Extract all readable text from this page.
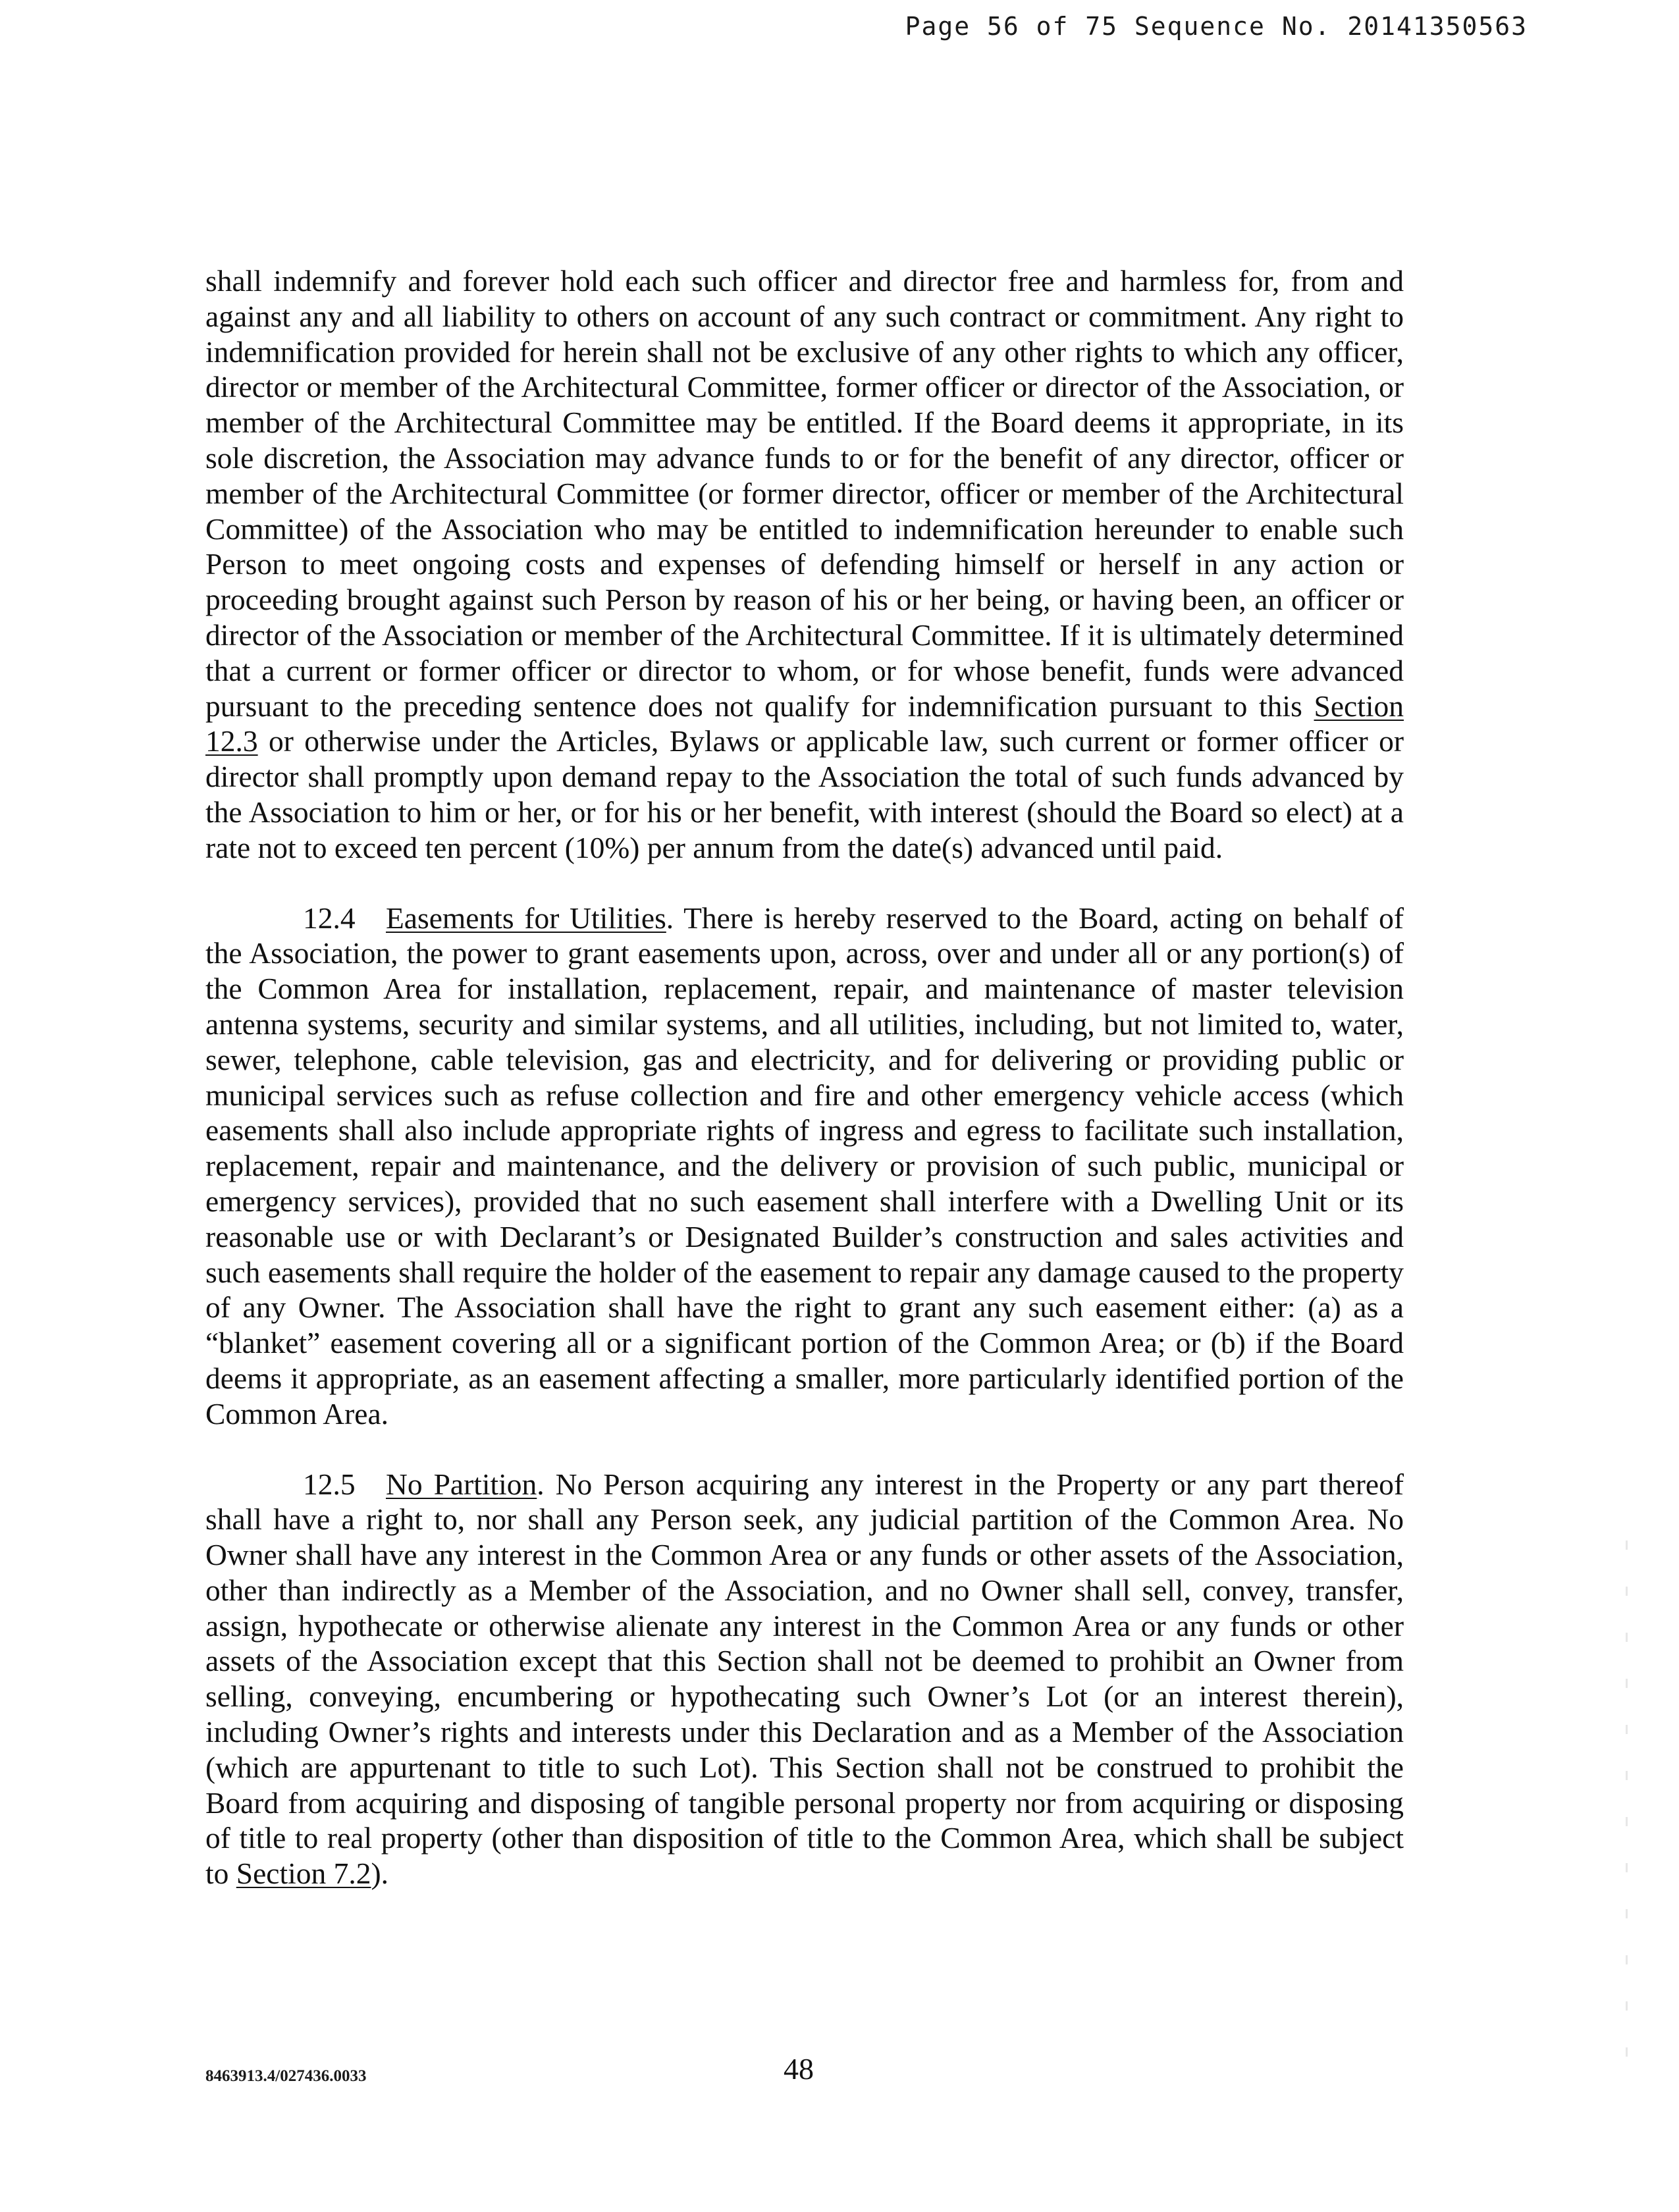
Page 56 of 75 Sequence No. 20141350563

shall indemnify and forever hold each such officer and director free and harmless for, from and against any and all liability to others on account of any such contract or commitment. Any right to indemnification provided for herein shall not be exclusive of any other rights to which any officer, director or member of the Architectural Committee, former officer or director of the Association, or member of the Architectural Committee may be entitled. If the Board deems it appropriate, in its sole discretion, the Association may advance funds to or for the benefit of any director, officer or member of the Architectural Committee (or former director, officer or member of the Architectural Committee) of the Association who may be entitled to indemnification hereunder to enable such Person to meet ongoing costs and expenses of defending himself or herself in any action or proceeding brought against such Person by reason of his or her being, or having been, an officer or director of the Association or member of the Architectural Committee. If it is ultimately determined that a current or former officer or director to whom, or for whose benefit, funds were advanced pursuant to the preceding sentence does not qualify for indemnification pursuant to this Section 12.3 or otherwise under the Articles, Bylaws or applicable law, such current or former officer or director shall promptly upon demand repay to the Association the total of such funds advanced by the Association to him or her, or for his or her benefit, with interest (should the Board so elect) at a rate not to exceed ten percent (10%) per annum from the date(s) advanced until paid.

12.4 Easements for Utilities. There is hereby reserved to the Board, acting on behalf of the Association, the power to grant easements upon, across, over and under all or any portion(s) of the Common Area for installation, replacement, repair, and maintenance of master television antenna systems, security and similar systems, and all utilities, including, but not limited to, water, sewer, telephone, cable television, gas and electricity, and for delivering or providing public or municipal services such as refuse collection and fire and other emergency vehicle access (which easements shall also include appropriate rights of ingress and egress to facilitate such installation, replacement, repair and maintenance, and the delivery or provision of such public, municipal or emergency services), provided that no such easement shall interfere with a Dwelling Unit or its reasonable use or with Declarant’s or Designated Builder’s construction and sales activities and such easements shall require the holder of the easement to repair any damage caused to the property of any Owner. The Association shall have the right to grant any such easement either: (a) as a “blanket” easement covering all or a significant portion of the Common Area; or (b) if the Board deems it appropriate, as an easement affecting a smaller, more particularly identified portion of the Common Area.

12.5 No Partition. No Person acquiring any interest in the Property or any part thereof shall have a right to, nor shall any Person seek, any judicial partition of the Common Area. No Owner shall have any interest in the Common Area or any funds or other assets of the Association, other than indirectly as a Member of the Association, and no Owner shall sell, convey, transfer, assign, hypothecate or otherwise alienate any interest in the Common Area or any funds or other assets of the Association except that this Section shall not be deemed to prohibit an Owner from selling, conveying, encumbering or hypothecating such Owner’s Lot (or an interest therein), including Owner’s rights and interests under this Declaration and as a Member of the Association (which are appurtenant to title to such Lot). This Section shall not be construed to prohibit the Board from acquiring and disposing of tangible personal property nor from acquiring or disposing of title to real property (other than disposition of title to the Common Area, which shall be subject to Section 7.2).

8463913.4/027436.0033	48
